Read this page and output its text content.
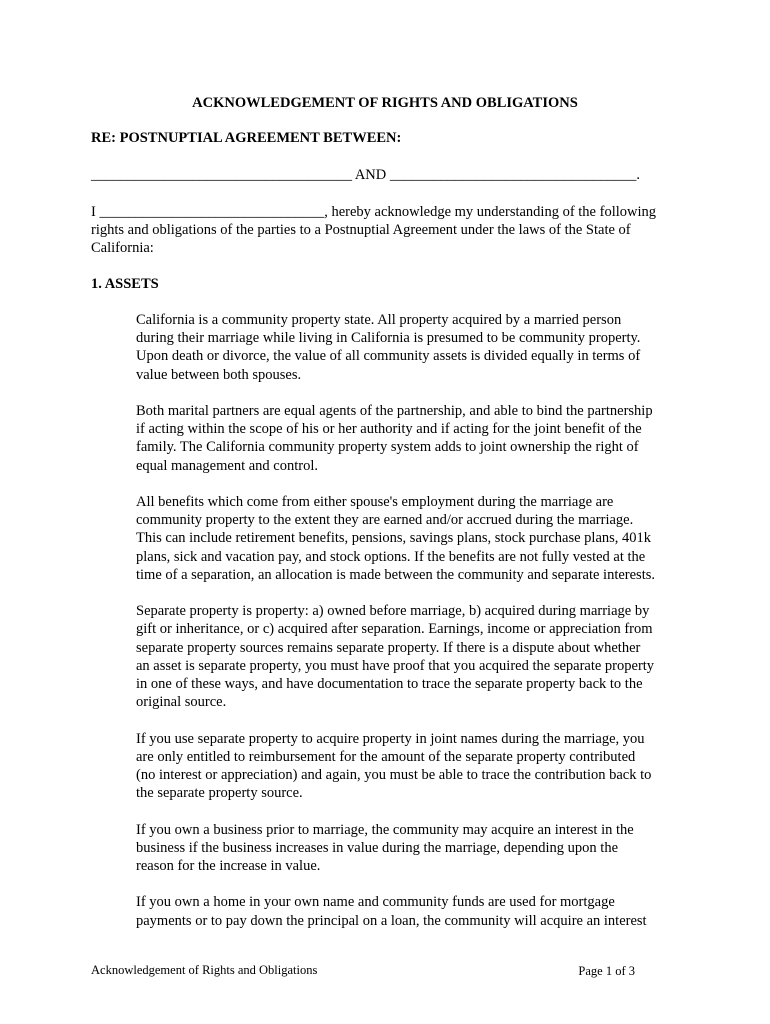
ACKNOWLEDGEMENT OF RIGHTS AND OBLIGATIONS
RE: POSTNUPTIAL AGREEMENT BETWEEN:
____________________________________ AND __________________________________.

I _______________________________, hereby acknowledge my understanding of the following

rights and obligations of the parties to a Postnuptial Agreement under the laws of the State of

California:

1. ASSETS
California is a community property state. All property acquired by a married person
during their marriage while living in California is presumed to be community property.
Upon death or divorce, the value of all community assets is divided equally in terms of
value between both spouses.
Both marital partners are equal agents of the partnership, and able to bind the partnership
if acting within the scope of his or her authority and if acting for the joint benefit of the
family. The California community property system adds to joint ownership the right of
equal management and control.
All benefits which come from either spouse's employment during the marriage are
community property to the extent they are earned and/or accrued during the marriage.
This can include retirement benefits, pensions, savings plans, stock purchase plans, 401k
plans, sick and vacation pay, and stock options. If the benefits are not fully vested at the
time of a separation, an allocation is made between the community and separate interests.
Separate property is property: a) owned before marriage, b) acquired during marriage by
gift or inheritance, or c) acquired after separation. Earnings, income or appreciation from
separate property sources remains separate property. If there is a dispute about whether
an asset is separate property, you must have proof that you acquired the separate property
in one of these ways, and have documentation to trace the separate property back to the
original source.
If you use separate property to acquire property in joint names during the marriage, you
are only entitled to reimbursement for the amount of the separate property contributed
(no interest or appreciation) and again, you must be able to trace the contribution back to
the separate property source.
If you own a business prior to marriage, the community may acquire an interest in the
business if the business increases in value during the marriage, depending upon the
reason for the increase in value.
If you own a home in your own name and community funds are used for mortgage
payments or to pay down the principal on a loan, the community will acquire an interest
Acknowledgement of Rights and Obligations	Page 1 of 3
